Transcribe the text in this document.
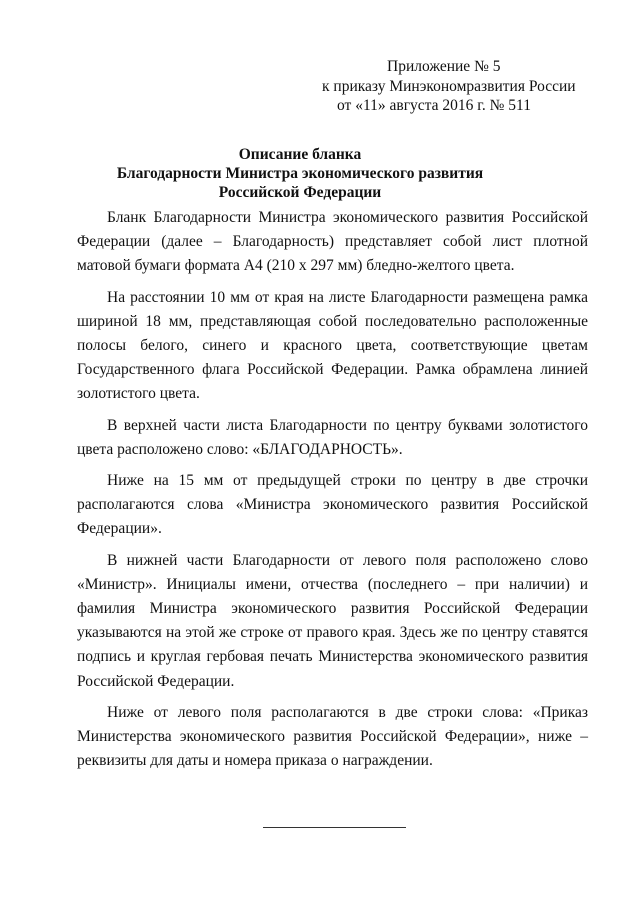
Приложение № 5
к приказу Минэкономразвития России
от «11» августа 2016 г. № 511
Описание бланка
Благодарности Министра экономического развития
Российской Федерации

Бланк Благодарности Министра экономического развития Российской Федерации (далее – Благодарность) представляет собой лист плотной матовой бумаги формата А4 (210 х 297 мм) бледно-желтого цвета.

На расстоянии 10 мм от края на листе Благодарности размещена рамка шириной 18 мм, представляющая собой последовательно расположенные полосы белого, синего и красного цвета, соответствующие цветам Государственного флага Российской Федерации. Рамка обрамлена линией золотистого цвета.

В верхней части листа Благодарности по центру буквами золотистого цвета расположено слово: «БЛАГОДАРНОСТЬ».

Ниже на 15 мм от предыдущей строки по центру в две строчки располагаются слова «Министра экономического развития Российской Федерации».

В нижней части Благодарности от левого поля расположено слово «Министр». Инициалы имени, отчества (последнего – при наличии) и фамилия Министра экономического развития Российской Федерации указываются на этой же строке от правого края. Здесь же по центру ставятся подпись и круглая гербовая печать Министерства экономического развития Российской Федерации.

Ниже от левого поля располагаются в две строки слова: «Приказ Министерства экономического развития Российской Федерации», ниже – реквизиты для даты и номера приказа о награждении.
